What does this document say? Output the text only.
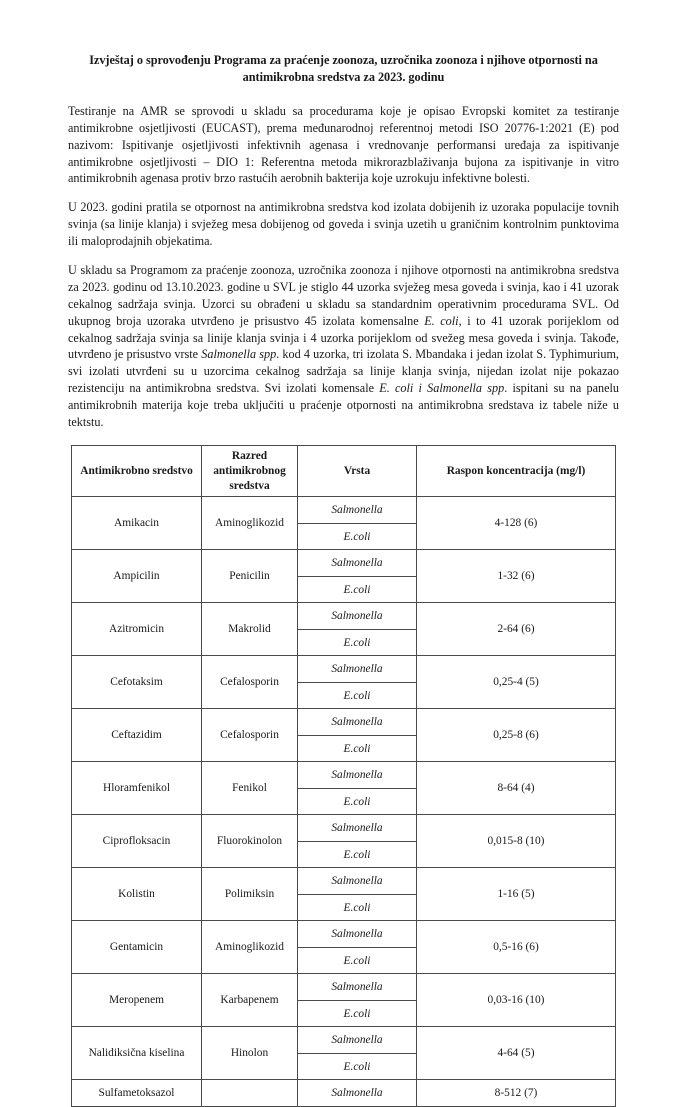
Izvještaj o sprovođenju Programa za praćenje zoonoza, uzročnika zoonoza i njihove otpornosti na antimikrobna sredstva za 2023. godinu

Testiranje na AMR se sprovodi u skladu sa procedurama koje je opisao Evropski komitet za testiranje antimikrobne osjetljivosti (EUCAST), prema međunarodnoj referentnoj metodi ISO 20776-1:2021 (E) pod nazivom: Ispitivanje osjetljivosti infektivnih agenasa i vrednovanje performansi uređaja za ispitivanje antimikrobne osjetljivosti – DIO 1: Referentna metoda mikrorazblaživanja bujona za ispitivanje in vitro antimikrobnih agenasa protiv brzo rastućih aerobnih bakterija koje uzrokuju infektivne bolesti.

U 2023. godini pratila se otpornost na antimikrobna sredstva kod izolata dobijenih iz uzoraka populacije tovnih svinja (sa linije klanja) i svježeg mesa dobijenog od goveda i svinja uzetih u graničnim kontrolnim punktovima ili maloprodajnih objekatima.

U skladu sa Programom za praćenje zoonoza, uzročnika zoonoza i njihove otpornosti na antimikrobna sredstva za 2023. godinu od 13.10.2023. godine u SVL je stiglo 44 uzorka svježeg mesa goveda i svinja, kao i 41 uzorak cekalnog sadržaja svinja. Uzorci su obrađeni u skladu sa standardnim operativnim procedurama SVL. Od ukupnog broja uzoraka utvrđeno je prisustvo 45 izolata komensalne E. coli, i to 41 uzorak porijeklom od cekalnog sadržaja svinja sa linije klanja svinja i 4 uzorka porijeklom od svežeg mesa goveda i svinja. Takođe, utvrđeno je prisustvo vrste Salmonella spp. kod 4 uzorka, tri izolata S. Mbandaka i jedan izolat S. Typhimurium, svi izolati utvrđeni su u uzorcima cekalnog sadržaja sa linije klanja svinja, nijedan izolat nije pokazao rezistenciju na antimikrobna sredstva. Svi izolati komensale E. coli i Salmonella spp. ispitani su na panelu antimikrobnih materija koje treba uključiti u praćenje otpornosti na antimikrobna sredstava iz tabele niže u tektstu.

Antimikrobno sredstvo	Razred antimikrobnog sredstva	Vrsta	Raspon koncentracija (mg/l)
Amikacin	Aminoglikozid	Salmonella	4-128 (6)
		E.coli	
Ampicilin	Penicilin	Salmonella	1-32 (6)
		E.coli	
Azitromicin	Makrolid	Salmonella	2-64 (6)
		E.coli	
Cefotaksim	Cefalosporin	Salmonella	0,25-4 (5)
		E.coli	
Ceftazidim	Cefalosporin	Salmonella	0,25-8 (6)
		E.coli	
Hloramfenikol	Fenikol	Salmonella	8-64 (4)
		E.coli	
Ciprofloksacin	Fluorokinolon	Salmonella	0,015-8 (10)
		E.coli	
Kolistin	Polimiksin	Salmonella	1-16 (5)
		E.coli	
Gentamicin	Aminoglikozid	Salmonella	0,5-16 (6)
		E.coli	
Meropenem	Karbapenem	Salmonella	0,03-16 (10)
		E.coli	
Nalidiksična kiselina	Hinolon	Salmonella	4-64 (5)
		E.coli	
Sulfametoksazol		Salmonella	8-512 (7)
